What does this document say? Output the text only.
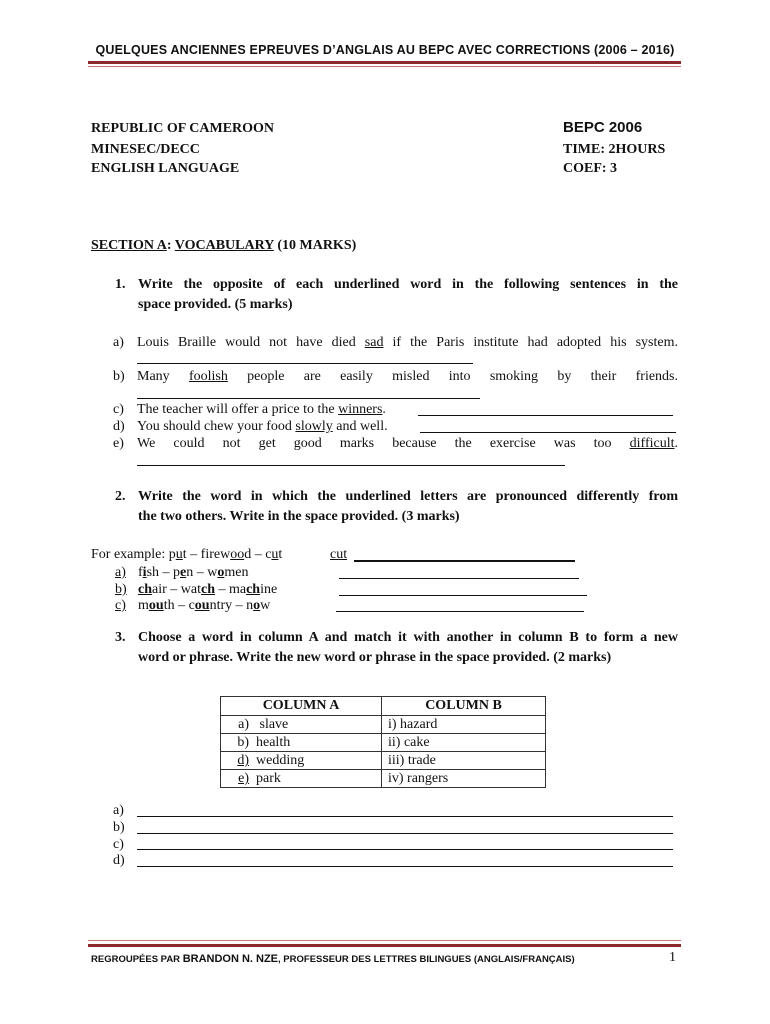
QUELQUES ANCIENNES EPREUVES D’ANGLAIS AU BEPC AVEC CORRECTIONS (2006 – 2016)
REPUBLIC OF CAMEROON
MINESEC/DECC
ENGLISH LANGUAGE
BEPC 2006
TIME: 2HOURS
COEF: 3
SECTION A: VOCABULARY (10 MARKS)
1. Write the opposite of each underlined word in the following sentences in the
space provided. (5 marks)
a) Louis Braille would not have died sad if the Paris institute had adopted his system.
b) Many foolish people are easily misled into smoking by their friends.
c) The teacher will offer a price to the winners.
d) You should chew your food slowly and well.
e) We could not get good marks because the exercise was too difficult.
2. Write the word in which the underlined letters are pronounced differently from
the two others. Write in the space provided. (3 marks)
For example: put – firewood – cut	cut
a) fish – pen – women
b) chair – watch – machine
c) mouth – country – now
3. Choose a word in column A and match it with another in column B to form a new
word or phrase. Write the new word or phrase in the space provided. (2 marks)
COLUMN A	COLUMN B
a) slave	i) hazard
b) health	ii) cake
d) wedding	iii) trade
e) park	iv) rangers
a)
b)
c)
d)
REGROUPÉES PAR BRANDON N. NZE, PROFESSEUR DES LETTRES BILINGUES (ANGLAIS/FRANÇAIS)	1
